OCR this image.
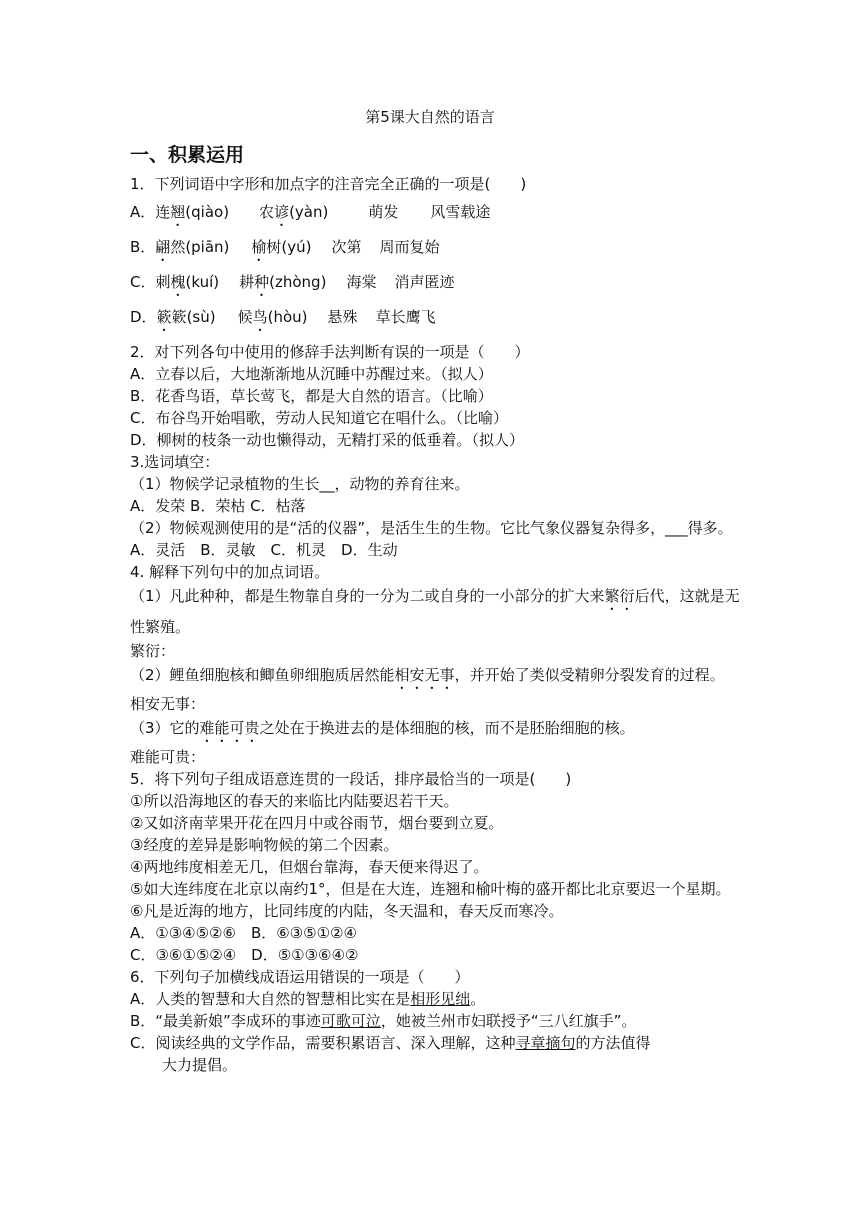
第5课大自然的语言
一、积累运用

1．下列词语中字形和加点字的注音完全正确的一项是(　　)

A．连翘(qiào) 农谚(yàn)	萌发 风雪载途

B．翩然(piān) 榆树(yú) 次第 周而复始

C．刺槐(kuí) 耕种(zhòng) 海棠 消声匿迹

D．簌簌(sù) 候鸟(hòu) 悬殊 草长鹰飞

2．对下列各句中使用的修辞手法判断有误的一项是（　　）

A．立春以后，大地渐渐地从沉睡中苏醒过来。（拟人）

B．花香鸟语，草长莺飞，都是大自然的语言。（比喻）

C．布谷鸟开始唱歌，劳动人民知道它在唱什么。（比喻）

D．柳树的枝条一动也懒得动，无精打采的低垂着。（拟人）

3.选词填空：

（1）物候学记录植物的生长__，动物的养育往来。

A．发荣 B．荣枯 C．枯落

（2）物候观测使用的是“活的仪器”，是活生生的生物。它比气象仪器复杂得多，___得多。

A．灵活　B．灵敏　C．机灵　D．生动

4. 解释下列句中的加点词语。

（1）凡此种种，都是生物靠自身的一分为二或自身的一小部分的扩大来繁衍后代，这就是无性繁殖。

繁衍：

（2）鲤鱼细胞核和鲫鱼卵细胞质居然能相安无事，并开始了类似受精卵分裂发育的过程。

相安无事：

（3）它的难能可贵之处在于换进去的是体细胞的核，而不是胚胎细胞的核。

难能可贵：

5．将下列句子组成语意连贯的一段话，排序最恰当的一项是(　　)

①所以沿海地区的春天的来临比内陆要迟若干天。

②又如济南苹果开花在四月中或谷雨节，烟台要到立夏。

③经度的差异是影响物候的第二个因素。

④两地纬度相差无几，但烟台靠海，春天便来得迟了。

⑤如大连纬度在北京以南约1°，但是在大连，连翘和榆叶梅的盛开都比北京要迟一个星期。

⑥凡是近海的地方，比同纬度的内陆，冬天温和，春天反而寒冷。

A．①③④⑤②⑥　B．⑥③⑤①②④

C．③⑥①⑤②④　D．⑤①③⑥④②

6．下列句子加横线成语运用错误的一项是（　　）

A．人类的智慧和大自然的智慧相比实在是相形见绌。

B．“最美新娘”李成环的事迹可歌可泣，她被兰州市妇联授予“三八红旗手”。

C．阅读经典的文学作品，需要积累语言、深入理解，这种寻章摘句的方法值得

大力提倡。
